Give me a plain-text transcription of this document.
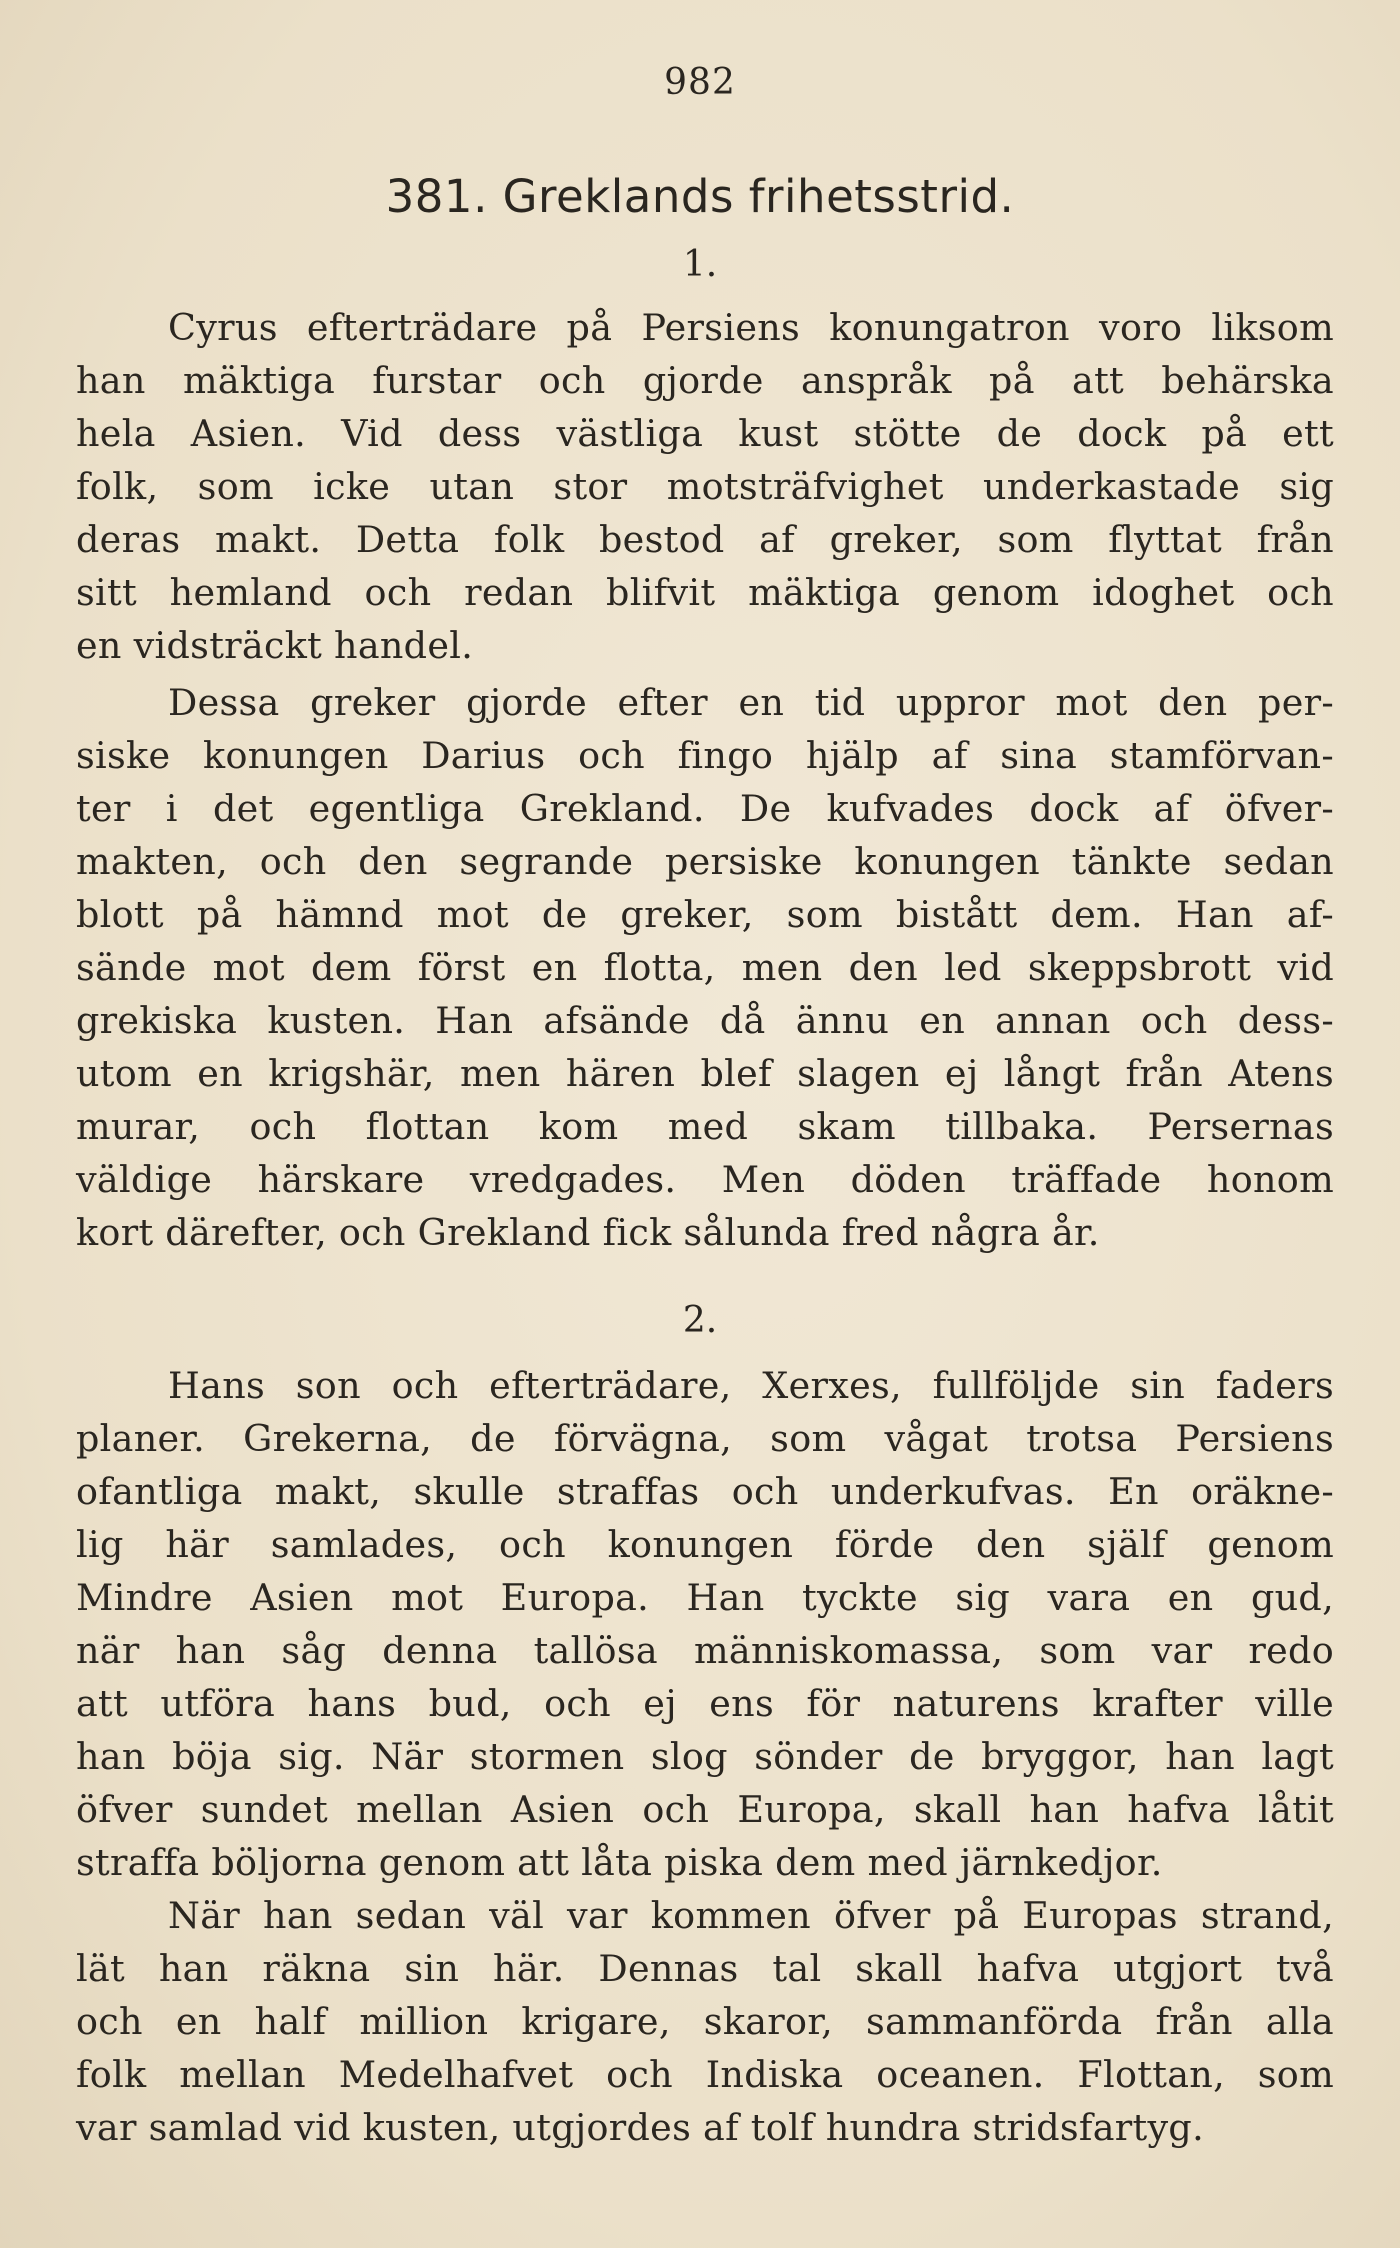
982
381. Greklands frihetsstrid.
1.
Cyrus efterträdare på Persiens konungatron voro liksom
han mäktiga furstar och gjorde anspråk på att behärska
hela Asien. Vid dess västliga kust stötte de dock på ett
folk, som icke utan stor motsträfvighet underkastade sig
deras makt. Detta folk bestod af greker, som flyttat från
sitt hemland och redan blifvit mäktiga genom idoghet och
en vidsträckt handel.
Dessa greker gjorde efter en tid uppror mot den per-
siske konungen Darius och fingo hjälp af sina stamförvan-
ter i det egentliga Grekland. De kufvades dock af öfver-
makten, och den segrande persiske konungen tänkte sedan
blott på hämnd mot de greker, som bistått dem. Han af-
sände mot dem först en flotta, men den led skeppsbrott vid
grekiska kusten. Han afsände då ännu en annan och dess-
utom en krigshär, men hären blef slagen ej långt från Atens
murar, och flottan kom med skam tillbaka. Persernas
väldige härskare vredgades. Men döden träffade honom
kort därefter, och Grekland fick sålunda fred några år.
2.
Hans son och efterträdare, Xerxes, fullföljde sin faders
planer. Grekerna, de förvägna, som vågat trotsa Persiens
ofantliga makt, skulle straffas och underkufvas. En oräkne-
lig här samlades, och konungen förde den själf genom
Mindre Asien mot Europa. Han tyckte sig vara en gud,
när han såg denna tallösa människomassa, som var redo
att utföra hans bud, och ej ens för naturens krafter ville
han böja sig. När stormen slog sönder de bryggor, han lagt
öfver sundet mellan Asien och Europa, skall han hafva låtit
straffa böljorna genom att låta piska dem med järnkedjor.
När han sedan väl var kommen öfver på Europas strand,
lät han räkna sin här. Dennas tal skall hafva utgjort två
och en half million krigare, skaror, sammanförda från alla
folk mellan Medelhafvet och Indiska oceanen. Flottan, som
var samlad vid kusten, utgjordes af tolf hundra stridsfartyg.
